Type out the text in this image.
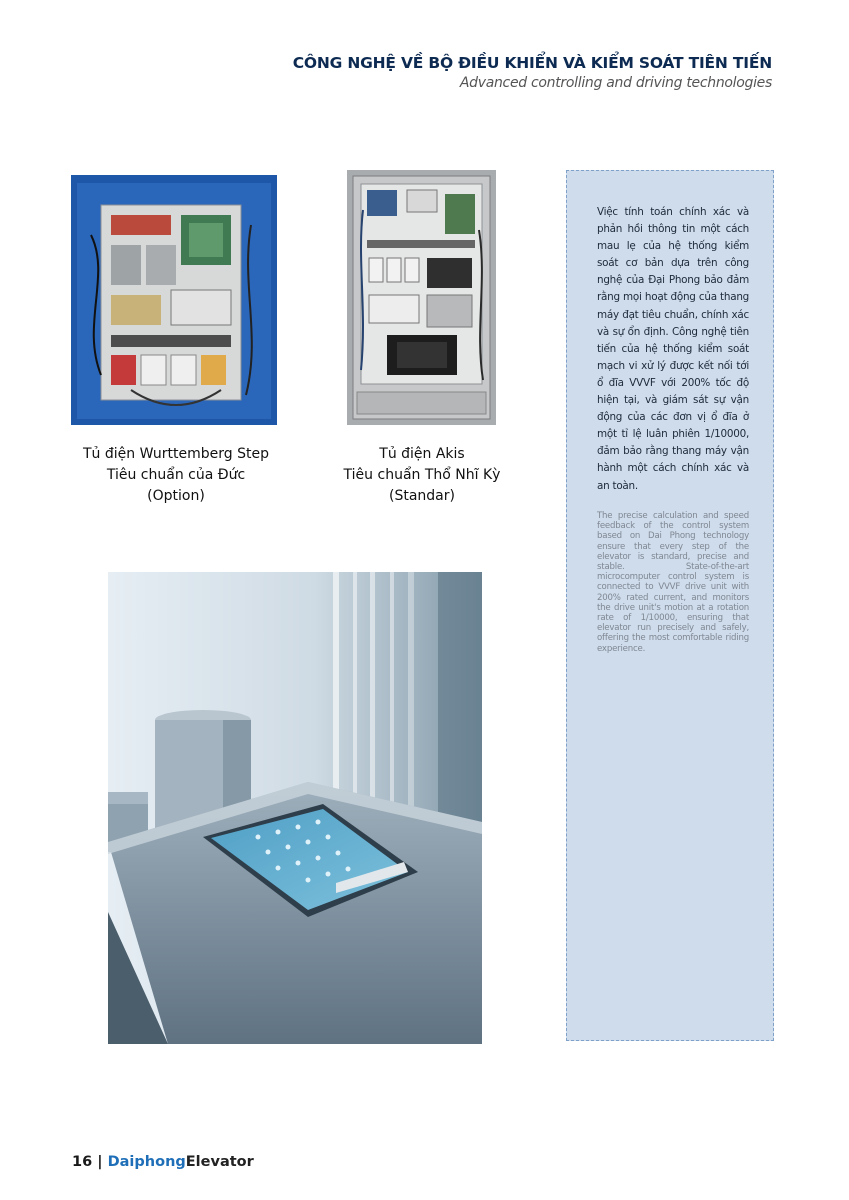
CÔNG NGHỆ VỀ BỘ ĐIỀU KHIỂN VÀ KIỂM SOÁT TIÊN TIẾN
Advanced controlling and driving technologies
Tủ điện Wurttemberg Step
Tiêu chuẩn của Đức
(Option)
Tủ điện Akis
Tiêu chuẩn Thổ Nhĩ Kỳ
(Standar)
Việc tính toán chính xác và phản hồi thông tin một cách mau lẹ của hệ thống kiểm soát cơ bản dựa trên công nghệ của Đại Phong bảo đảm rằng mọi hoạt động của thang máy đạt tiêu chuẩn, chính xác và sự ổn định. Công nghệ tiên tiến của hệ thống kiểm soát mạch vi xử lý được kết nối tới ổ đĩa VVVF với 200% tốc độ hiện tại, và giám sát sự vận động của các đơn vị ổ đĩa ở một tỉ lệ luân phiên 1/10000, đảm bảo rằng thang máy vận hành một cách chính xác và an toàn.
The precise calculation and speed feedback of the control system based on Dai Phong technology ensure that every step of the elevator is standard, precise and stable. State-of-the-art microcomputer control system is connected to VVVF drive unit with 200% rated current, and monitors the drive unit's motion at a rotation rate of 1/10000, ensuring that elevator run precisely and safely, offering the most comfortable riding experience.
16 | DaiphongElevator
